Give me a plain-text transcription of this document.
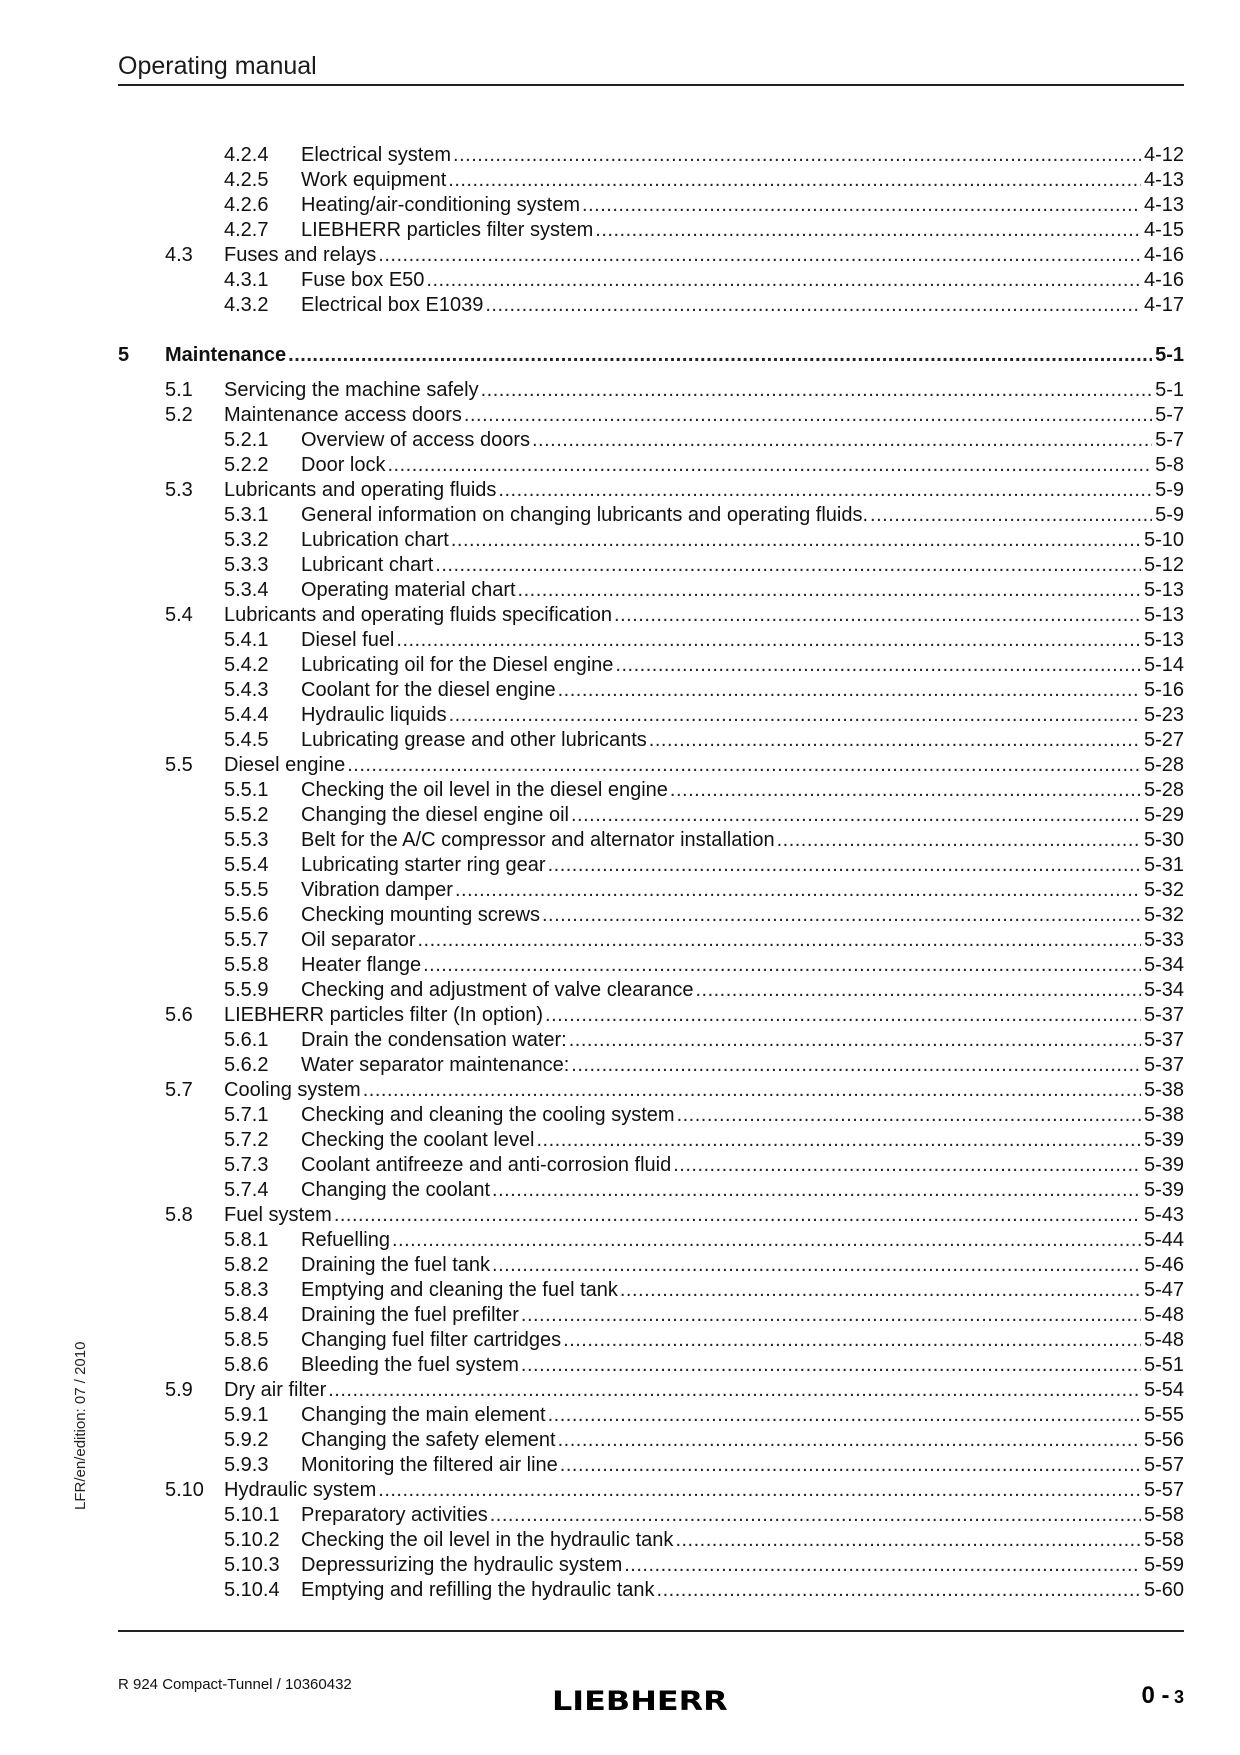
Operating manual
LFR/en/edition: 07 / 2010
4.2.4 Electrical system .....	4-12
4.2.5 Work equipment .....	4-13
4.2.6 Heating/air-conditioning system .....	4-13
4.2.7 LIEBHERR particles filter system .....	4-15
4.3 Fuses and relays .....	4-16
4.3.1 Fuse box E50 .....	4-16
4.3.2 Electrical box E1039 .....	4-17
5 Maintenance .....	5-1
5.1 Servicing the machine safely .....	5-1
5.2 Maintenance access doors .....	5-7
5.2.1 Overview of access doors .....	5-7
5.2.2 Door lock .....	5-8
5.3 Lubricants and operating fluids .....	5-9
5.3.1 General information on changing lubricants and operating fluids. .....	5-9
5.3.2 Lubrication chart .....	5-10
5.3.3 Lubricant chart .....	5-12
5.3.4 Operating material chart .....	5-13
5.4 Lubricants and operating fluids specification .....	5-13
5.4.1 Diesel fuel .....	5-13
5.4.2 Lubricating oil for the Diesel engine .....	5-14
5.4.3 Coolant for the diesel engine .....	5-16
5.4.4 Hydraulic liquids .....	5-23
5.4.5 Lubricating grease and other lubricants .....	5-27
5.5 Diesel engine .....	5-28
5.5.1 Checking the oil level in the diesel engine .....	5-28
5.5.2 Changing the diesel engine oil .....	5-29
5.5.3 Belt for the A/C compressor and alternator installation .....	5-30
5.5.4 Lubricating starter ring gear .....	5-31
5.5.5 Vibration damper .....	5-32
5.5.6 Checking mounting screws .....	5-32
5.5.7 Oil separator .....	5-33
5.5.8 Heater flange .....	5-34
5.5.9 Checking and adjustment of valve clearance .....	5-34
5.6 LIEBHERR particles filter (In option) .....	5-37
5.6.1 Drain the condensation water: .....	5-37
5.6.2 Water separator maintenance: .....	5-37
5.7 Cooling system .....	5-38
5.7.1 Checking and cleaning the cooling system .....	5-38
5.7.2 Checking the coolant level .....	5-39
5.7.3 Coolant antifreeze and anti-corrosion fluid .....	5-39
5.7.4 Changing the coolant .....	5-39
5.8 Fuel system .....	5-43
5.8.1 Refuelling .....	5-44
5.8.2 Draining the fuel tank .....	5-46
5.8.3 Emptying and cleaning the fuel tank .....	5-47
5.8.4 Draining the fuel prefilter .....	5-48
5.8.5 Changing fuel filter cartridges .....	5-48
5.8.6 Bleeding the fuel system .....	5-51
5.9 Dry air filter .....	5-54
5.9.1 Changing the main element .....	5-55
5.9.2 Changing the safety element .....	5-56
5.9.3 Monitoring the filtered air line .....	5-57
5.10 Hydraulic system .....	5-57
5.10.1 Preparatory activities .....	5-58
5.10.2 Checking the oil level in the hydraulic tank .....	5-58
5.10.3 Depressurizing the hydraulic system .....	5-59
5.10.4 Emptying and refilling the hydraulic tank .....	5-60
R 924 Compact-Tunnel / 10360432
LIEBHERR	0 - 3
